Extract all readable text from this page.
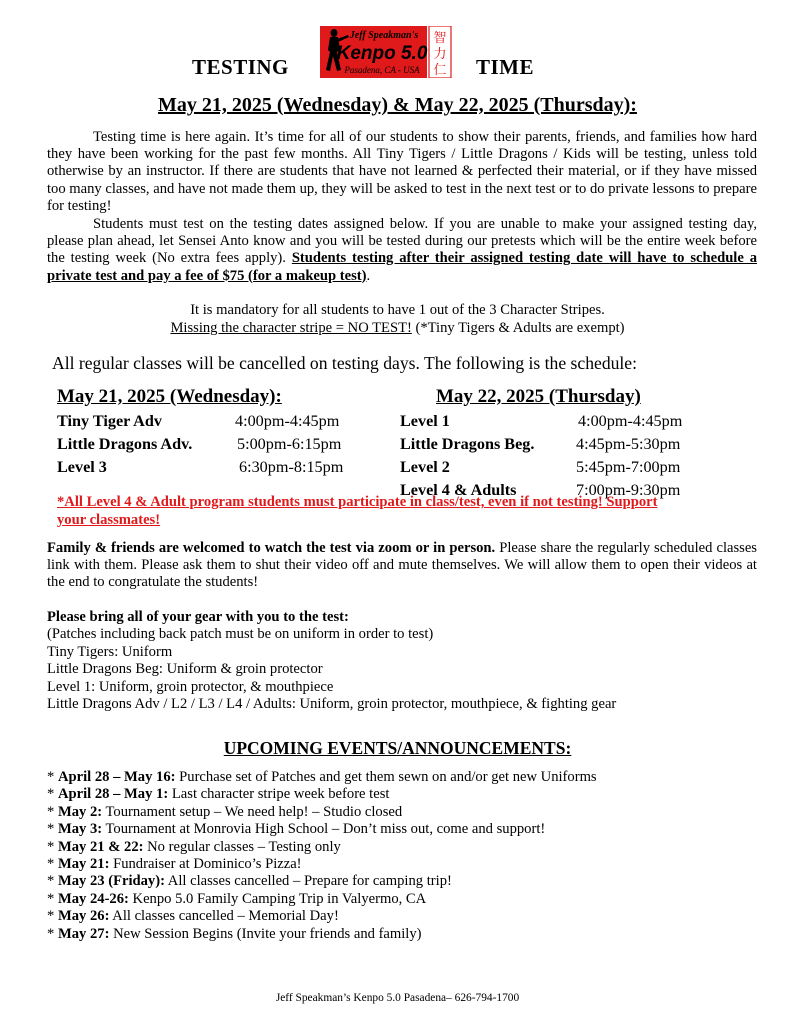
TESTING	TIME
Jeff Speakman's
Kenpo 5.0
Pasadena, CA - USA
智
力
仁
May 21, 2025 (Wednesday) & May 22, 2025 (Thursday):
Testing time is here again. It’s time for all of our students to show their parents, friends, and families how hard they have been working for the past few months. All Tiny Tigers / Little Dragons / Kids will be testing, unless told otherwise by an instructor. If there are students that have not learned & perfected their material, or if they have missed too many classes, and have not made them up, they will be asked to test in the next test or to do private lessons to prepare for testing!
Students must test on the testing dates assigned below. If you are unable to make your assigned testing day, please plan ahead, let Sensei Anto know and you will be tested during our pretests which will be the entire week before the testing week (No extra fees apply). Students testing after their assigned testing date will have to schedule a private test and pay a fee of $75 (for a makeup test).
It is mandatory for all students to have 1 out of the 3 Character Stripes.
Missing the character stripe = NO TEST! (*Tiny Tigers & Adults are exempt)
All regular classes will be cancelled on testing days. The following is the schedule:
May 21, 2025 (Wednesday):
Tiny Tiger Adv	4:00pm-4:45pm
Little Dragons Adv.	5:00pm-6:15pm
Level 3	6:30pm-8:15pm
May 22, 2025 (Thursday)
Level 1	4:00pm-4:45pm
Little Dragons Beg.	4:45pm-5:30pm
Level 2	5:45pm-7:00pm
Level 4 & Adults	7:00pm-9:30pm
*All Level 4 & Adult program students must participate in class/test, even if not testing! Support
your classmates!
Family & friends are welcomed to watch the test via zoom or in person. Please share the regularly scheduled classes link with them. Please ask them to shut their video off and mute themselves. We will allow them to open their videos at the end to congratulate the students!
Please bring all of your gear with you to the test:
(Patches including back patch must be on uniform in order to test)
Tiny Tigers: Uniform
Little Dragons Beg: Uniform & groin protector
Level 1: Uniform, groin protector, & mouthpiece
Little Dragons Adv / L2 / L3 / L4 / Adults: Uniform, groin protector, mouthpiece, & fighting gear
UPCOMING EVENTS/ANNOUNCEMENTS:
* April 28 – May 16: Purchase set of Patches and get them sewn on and/or get new Uniforms
* April 28 – May 1: Last character stripe week before test
* May 2: Tournament setup – We need help! – Studio closed
* May 3: Tournament at Monrovia High School – Don’t miss out, come and support!
* May 21 & 22: No regular classes – Testing only
* May 21: Fundraiser at Dominico’s Pizza!
* May 23 (Friday): All classes cancelled – Prepare for camping trip!
* May 24-26: Kenpo 5.0 Family Camping Trip in Valyermo, CA
* May 26: All classes cancelled – Memorial Day!
* May 27: New Session Begins (Invite your friends and family)
Jeff Speakman’s Kenpo 5.0 Pasadena– 626-794-1700
